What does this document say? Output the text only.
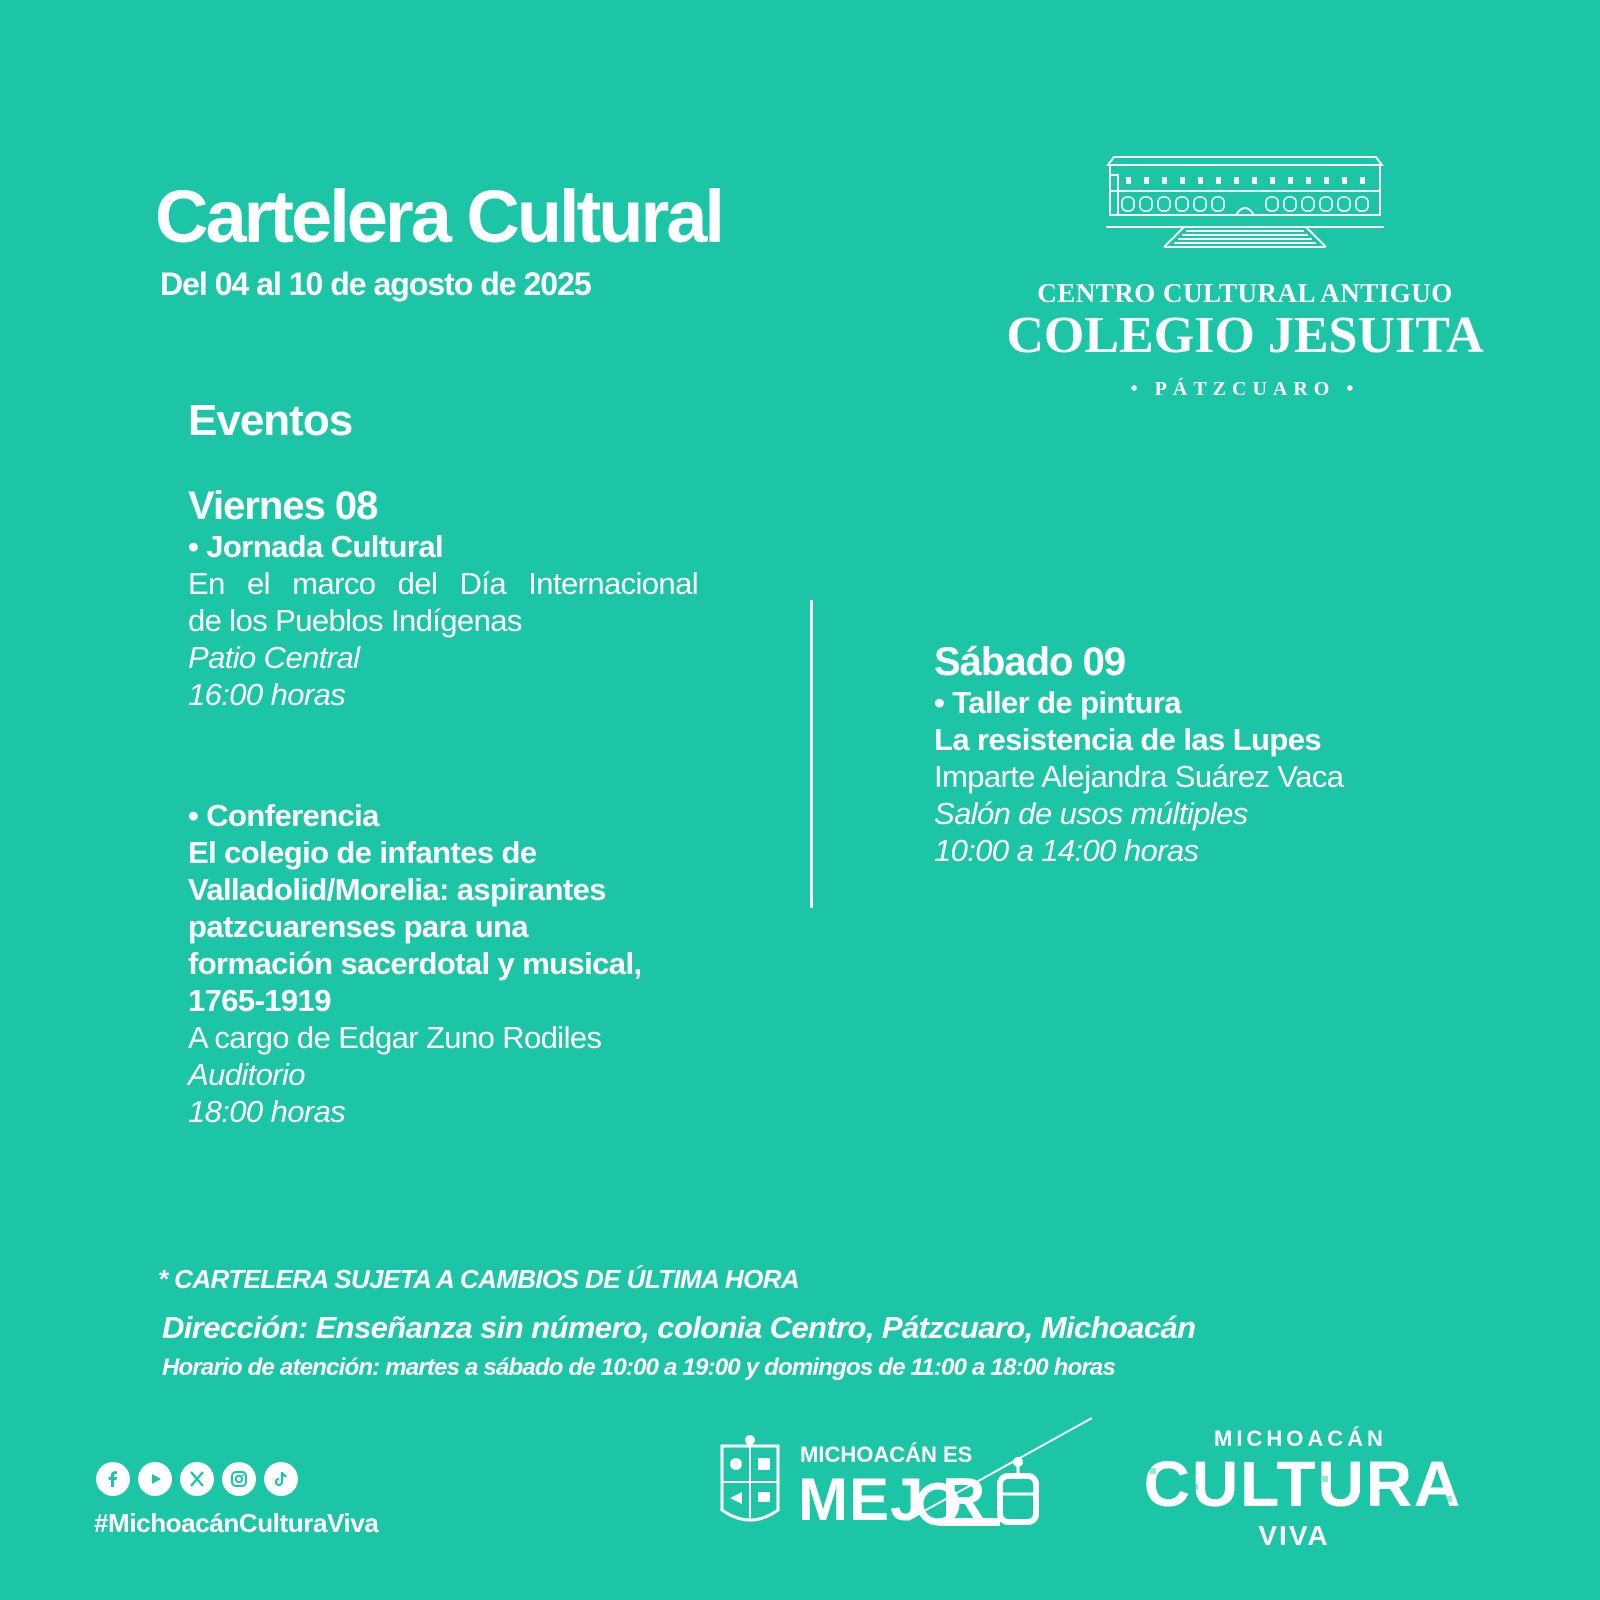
Cartelera Cultural
Del 04 al 10 de agosto de 2025	CENTRO CULTURAL ANTIGUO
COLEGIO JESUITA
• PÁTZCUARO •
Eventos
Viernes 08
• Jornada Cultural
En el marco del Día Internacional
de los Pueblos Indígenas
Patio Central
16:00 horas
• Conferencia
El colegio de infantes de
Valladolid/Morelia: aspirantes
patzcuarenses para una
formación sacerdotal y musical,
1765-1919
A cargo de Edgar Zuno Rodiles
Auditorio
18:00 horas
Sábado 09
• Taller de pintura
La resistencia de las Lupes
Imparte Alejandra Suárez Vaca
Salón de usos múltiples
10:00 a 14:00 horas
* CARTELERA SUJETA A CAMBIOS DE ÚLTIMA HORA
Dirección: Enseñanza sin número, colonia Centro, Pátzcuaro, Michoacán
Horario de atención: martes a sábado de 10:00 a 19:00 y domingos de 11:00 a 18:00 horas
#MichoacánCulturaViva
MICHOACÁN ES
MEJ R
MICHOACÁN
CULTURA
VIVA
